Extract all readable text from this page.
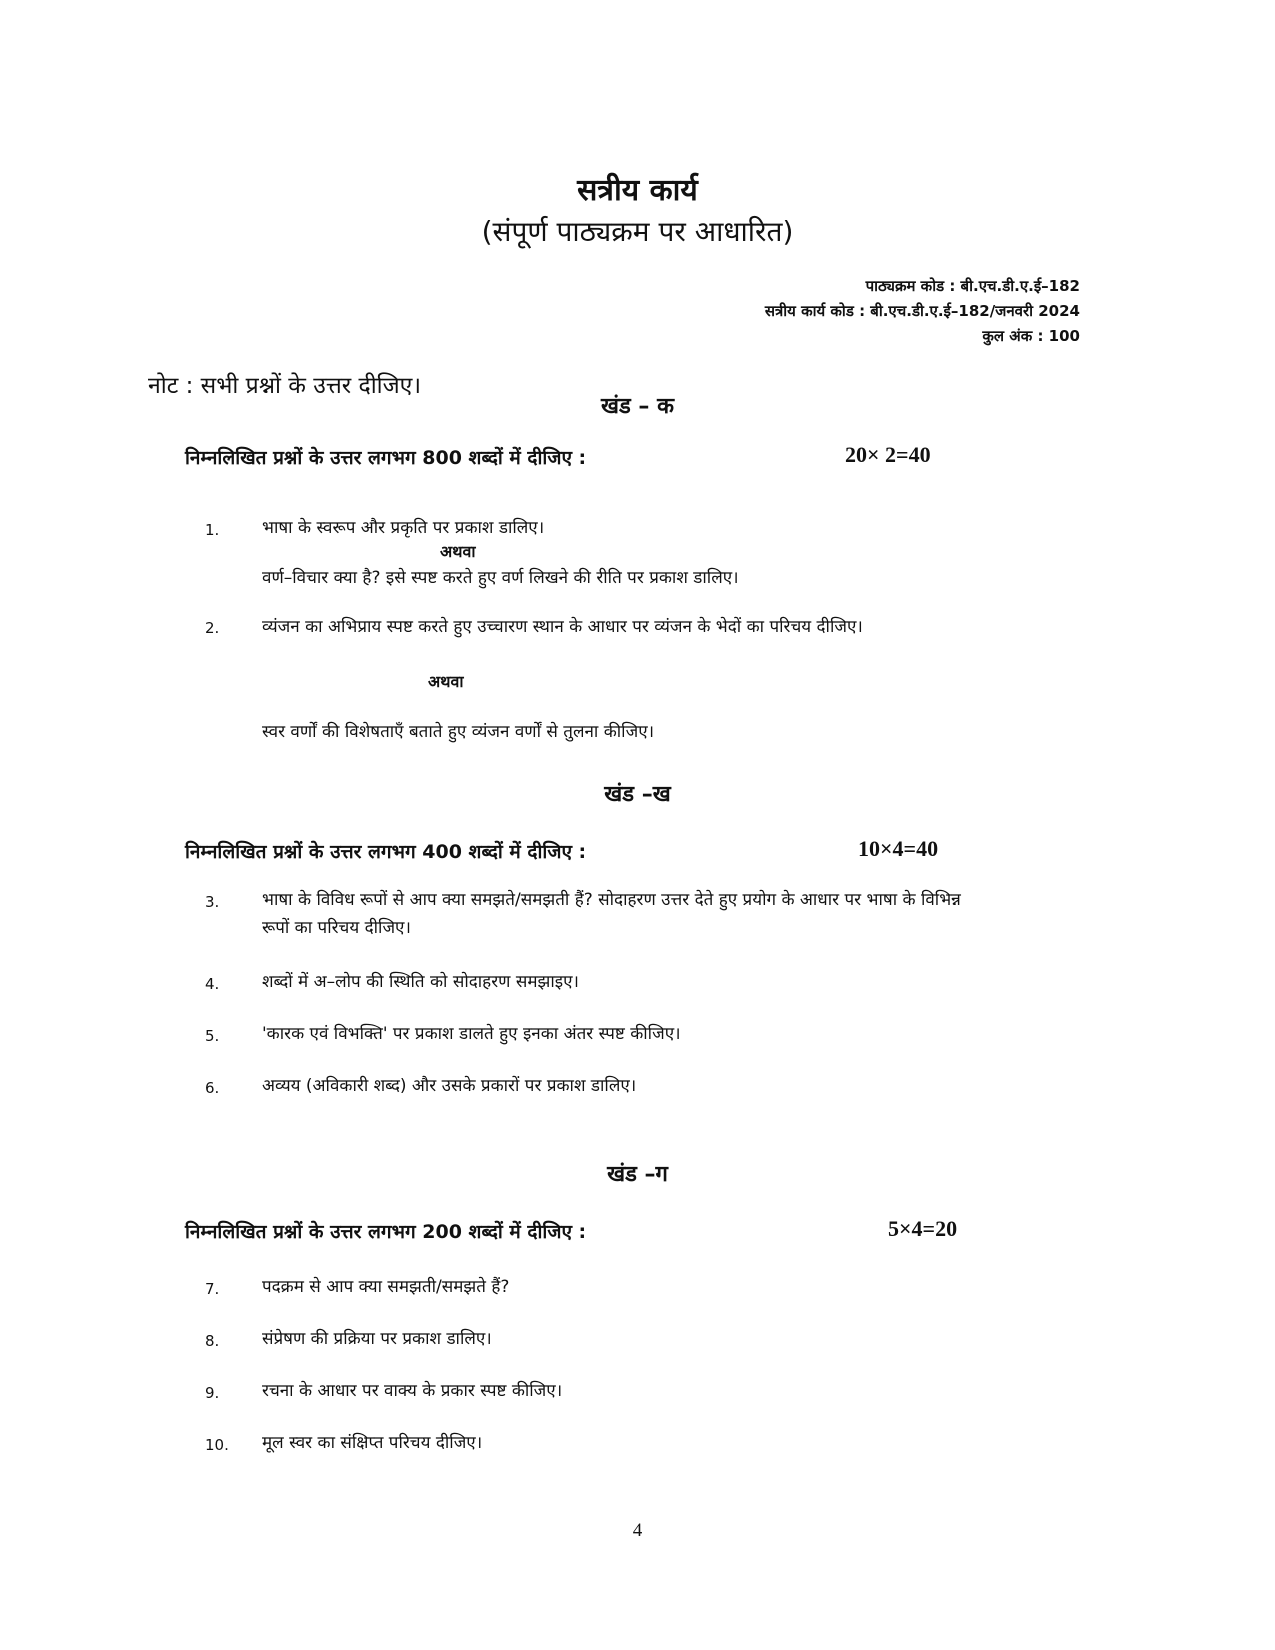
सत्रीय कार्य
(संपूर्ण पाठ्यक्रम पर आधारित)
पाठ्यक्रम कोड : बी.एच.डी.ए.ई–182
सत्रीय कार्य कोड : बी.एच.डी.ए.ई–182/जनवरी 2024
कुल अंक : 100
नोट : सभी प्रश्नों के उत्तर दीजिए।
खंड – क
निम्नलिखित प्रश्नों के उत्तर लगभग 800 शब्दों में दीजिए :	20× 2=40
1.	भाषा के स्वरूप और प्रकृति पर प्रकाश डालिए।
अथवा
वर्ण–विचार क्या है? इसे स्पष्ट करते हुए वर्ण लिखने की रीति पर प्रकाश डालिए।
2.	व्यंजन का अभिप्राय स्पष्ट करते हुए उच्चारण स्थान के आधार पर व्यंजन के भेदों का परिचय दीजिए।
अथवा
स्वर वर्णों की विशेषताएँ बताते हुए व्यंजन वर्णों से तुलना कीजिए।
खंड –ख
निम्नलिखित प्रश्नों के उत्तर लगभग 400 शब्दों में दीजिए :	10×4=40
3.	भाषा के विविध रूपों से आप क्या समझते/समझती हैं? सोदाहरण उत्तर देते हुए प्रयोग के आधार पर भाषा के विभिन्न रूपों का परिचय दीजिए।
4.	शब्दों में अ–लोप की स्थिति को सोदाहरण समझाइए।
5.	'कारक एवं विभक्ति' पर प्रकाश डालते हुए इनका अंतर स्पष्ट कीजिए।
6.	अव्यय (अविकारी शब्द) और उसके प्रकारों पर प्रकाश डालिए।
खंड –ग
निम्नलिखित प्रश्नों के उत्तर लगभग 200 शब्दों में दीजिए :	5×4=20
7.	पदक्रम से आप क्या समझती/समझते हैं?
8.	संप्रेषण की प्रक्रिया पर प्रकाश डालिए।
9.	रचना के आधार पर वाक्य के प्रकार स्पष्ट कीजिए।
10. मूल स्वर का संक्षिप्त परिचय दीजिए।
4
